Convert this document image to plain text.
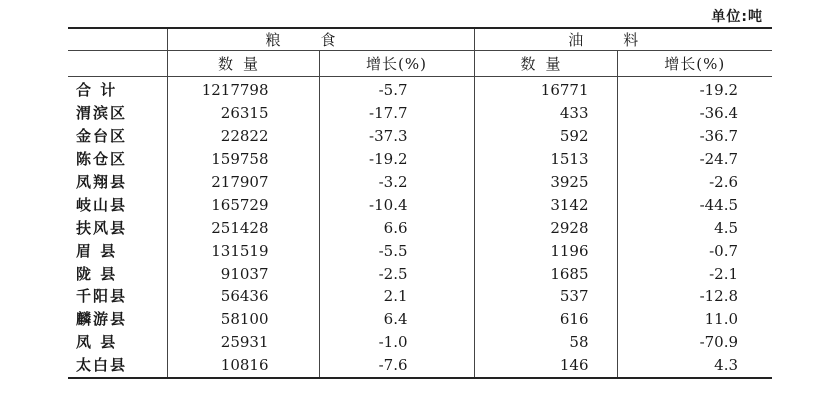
单位:吨
	粮食		油料	
	数量	增长(%)	数量	增长(%)
合 计	1217798	-5.7	16771	-19.2
渭滨区	26315	-17.7	433	-36.4
金台区	22822	-37.3	592	-36.7
陈仓区	159758	-19.2	1513	-24.7
凤翔县	217907	-3.2	3925	-2.6
岐山县	165729	-10.4	3142	-44.5
扶风县	251428	6.6	2928	4.5
眉 县	131519	-5.5	1196	-0.7
陇 县	91037	-2.5	1685	-2.1
千阳县	56436	2.1	537	-12.8
麟游县	58100	6.4	616	11.0
凤 县	25931	-1.0	58	-70.9
太白县	10816	-7.6	146	4.3
